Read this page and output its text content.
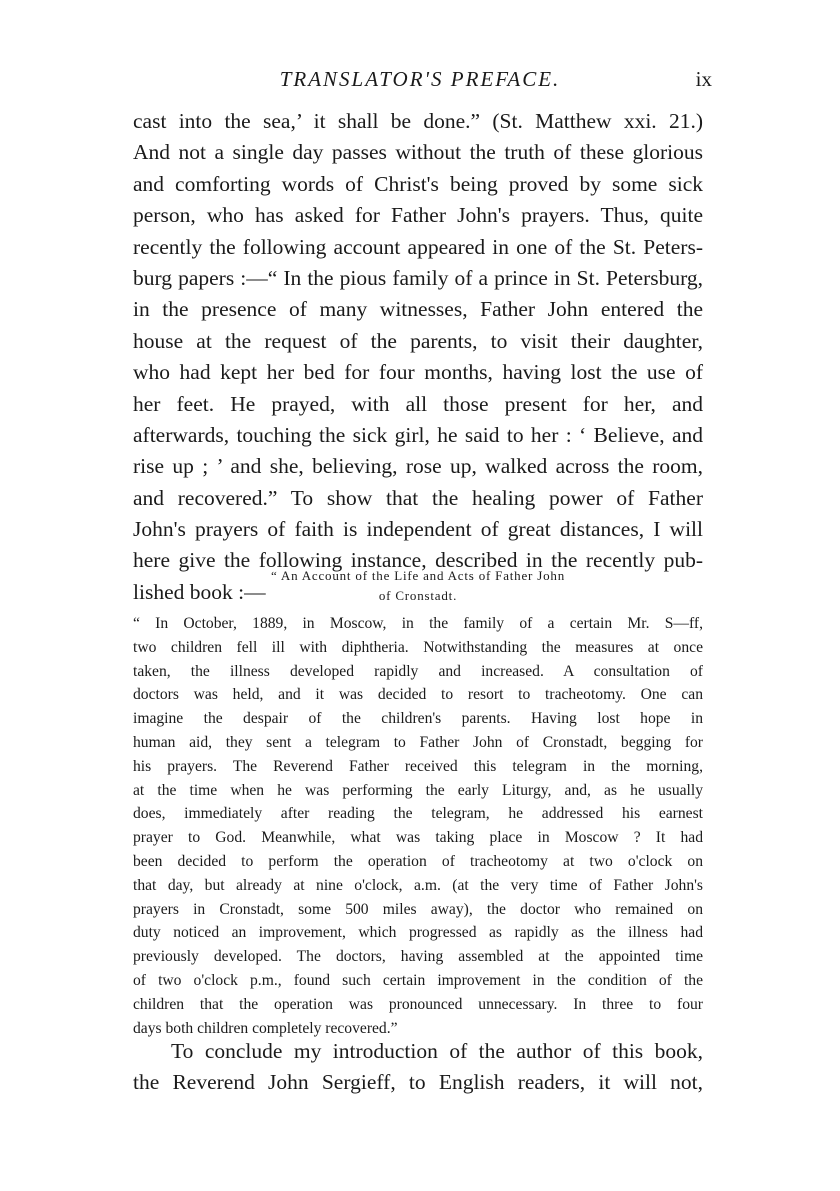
TRANSLATOR'S PREFACE.	ix
cast into the sea,’ it shall be done.” (St. Matthew xxi. 21.)
And not a single day passes without the truth of these glorious
and comforting words of Christ's being proved by some sick
person, who has asked for Father John's prayers. Thus, quite
recently the following account appeared in one of the St. Peters-
burg papers :—“ In the pious family of a prince in St. Petersburg,
in the presence of many witnesses, Father John entered the
house at the request of the parents, to visit their daughter,
who had kept her bed for four months, having lost the use of
her feet. He prayed, with all those present for her, and
afterwards, touching the sick girl, he said to her : ‘ Believe, and
rise up ; ’ and she, believing, rose up, walked across the room,
and recovered.” To show that the healing power of Father
John's prayers of faith is independent of great distances, I will
here give the following instance, described in the recently pub-
lished book :—
“ An Account of the Life and Acts of Father John
of Cronstadt.
“ In October, 1889, in Moscow, in the family of a certain Mr. S—ff,
two children fell ill with diphtheria. Notwithstanding the measures at once
taken, the illness developed rapidly and increased. A consultation of
doctors was held, and it was decided to resort to tracheotomy. One can
imagine the despair of the children's parents. Having lost hope in
human aid, they sent a telegram to Father John of Cronstadt, begging for
his prayers. The Reverend Father received this telegram in the morning,
at the time when he was performing the early Liturgy, and, as he usually
does, immediately after reading the telegram, he addressed his earnest
prayer to God. Meanwhile, what was taking place in Moscow ? It had
been decided to perform the operation of tracheotomy at two o'clock on
that day, but already at nine o'clock, a.m. (at the very time of Father John's
prayers in Cronstadt, some 500 miles away), the doctor who remained on
duty noticed an improvement, which progressed as rapidly as the illness had
previously developed. The doctors, having assembled at the appointed time
of two o'clock p.m., found such certain improvement in the condition of the
children that the operation was pronounced unnecessary. In three to four
days both children completely recovered.”
To conclude my introduction of the author of this book,
the Reverend John Sergieff, to English readers, it will not,
